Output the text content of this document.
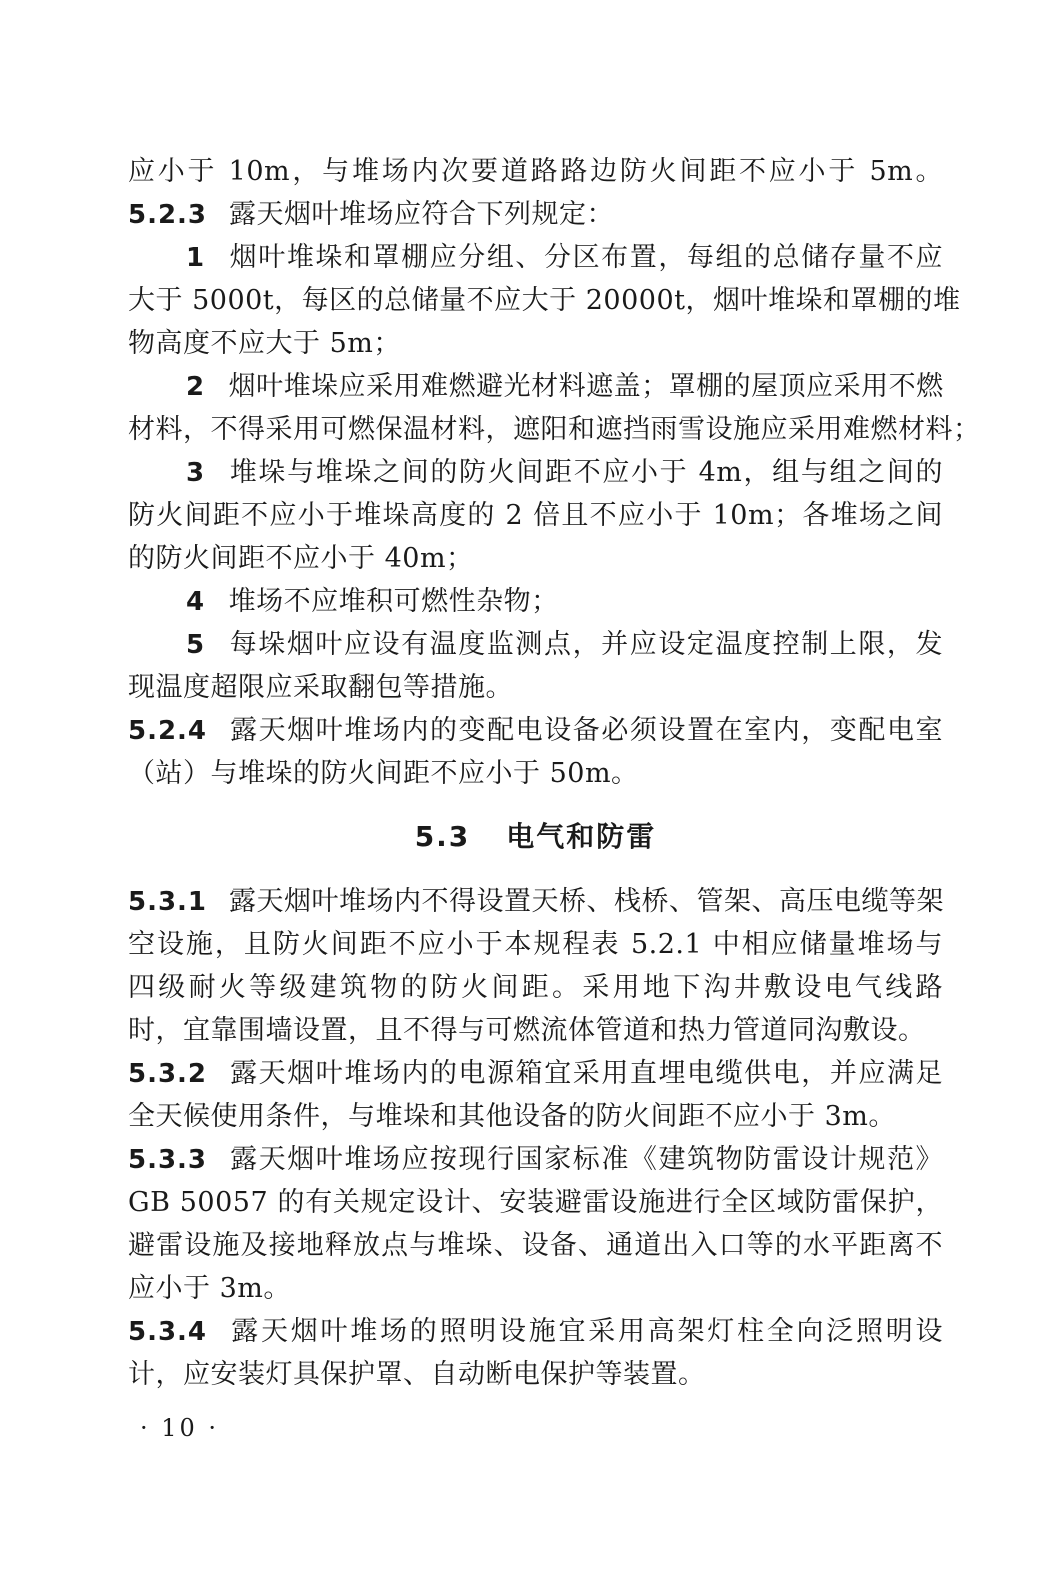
应小于 10m，与堆场内次要道路路边防火间距不应小于 5m。
5.2.3 露天烟叶堆场应符合下列规定：
1 烟叶堆垛和罩棚应分组、分区布置，每组的总储存量不应
大于 5000t，每区的总储量不应大于 20000t，烟叶堆垛和罩棚的堆
物高度不应大于 5m；
2 烟叶堆垛应采用难燃避光材料遮盖；罩棚的屋顶应采用不燃
材料，不得采用可燃保温材料，遮阳和遮挡雨雪设施应采用难燃材料；
3 堆垛与堆垛之间的防火间距不应小于 4m，组与组之间的
防火间距不应小于堆垛高度的 2 倍且不应小于 10m；各堆场之间
的防火间距不应小于 40m；
4 堆场不应堆积可燃性杂物；
5 每垛烟叶应设有温度监测点，并应设定温度控制上限，发
现温度超限应采取翻包等措施。
5.2.4 露天烟叶堆场内的变配电设备必须设置在室内，变配电室
（站）与堆垛的防火间距不应小于 50m。
5.3 电气和防雷
5.3.1 露天烟叶堆场内不得设置天桥、栈桥、管架、高压电缆等架
空设施，且防火间距不应小于本规程表 5.2.1 中相应储量堆场与
四级耐火等级建筑物的防火间距。采用地下沟井敷设电气线路
时，宜靠围墙设置，且不得与可燃流体管道和热力管道同沟敷设。
5.3.2 露天烟叶堆场内的电源箱宜采用直埋电缆供电，并应满足
全天候使用条件，与堆垛和其他设备的防火间距不应小于 3m。
5.3.3 露天烟叶堆场应按现行国家标准《建筑物防雷设计规范》
GB 50057 的有关规定设计、安装避雷设施进行全区域防雷保护，
避雷设施及接地释放点与堆垛、设备、通道出入口等的水平距离不
应小于 3m。
5.3.4 露天烟叶堆场的照明设施宜采用高架灯柱全向泛照明设
计，应安装灯具保护罩、自动断电保护等装置。
· 10 ·
